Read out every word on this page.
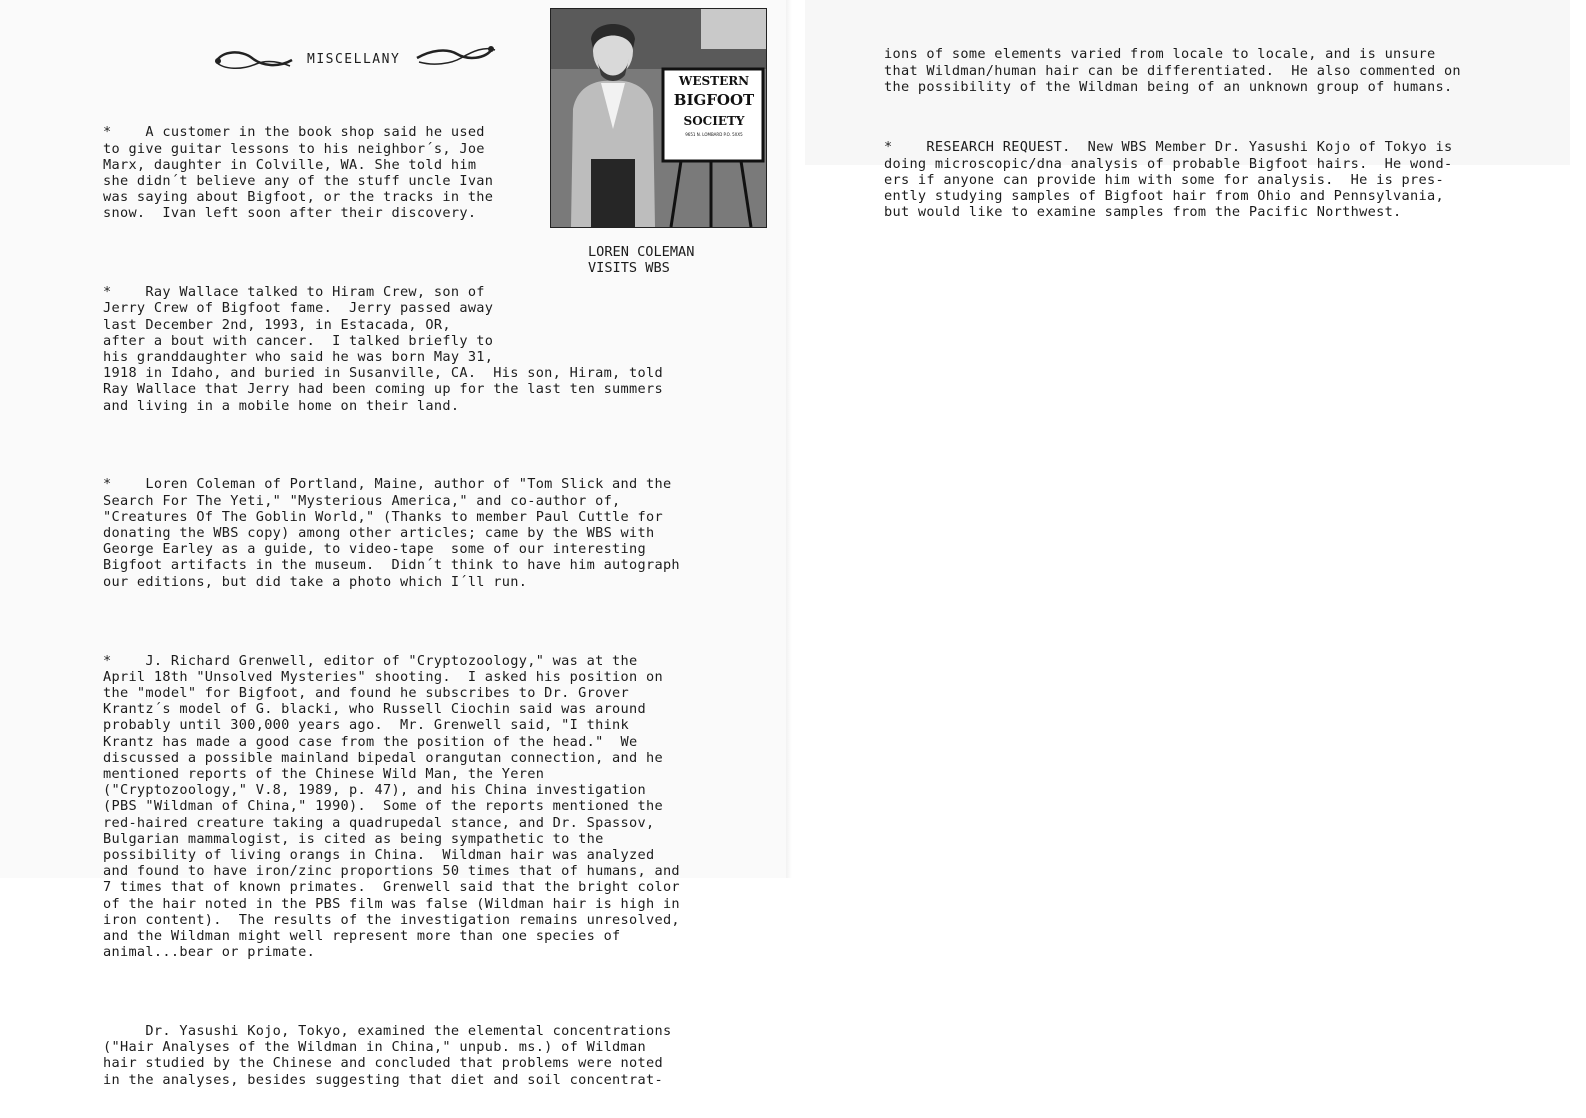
MISCELLANY
WESTERN
BIGFOOT
SOCIETY
9651 N. LOMBARD P.O. 5XX5
LOREN COLEMAN
VISITS WBS

*    A customer in the book shop said he used
to give guitar lessons to his neighbor´s, Joe
Marx, daughter in Colville, WA. She told him
she didn´t believe any of the stuff uncle Ivan
was saying about Bigfoot, or the tracks in the
snow.  Ivan left soon after their discovery.

*    Ray Wallace talked to Hiram Crew, son of
Jerry Crew of Bigfoot fame.  Jerry passed away
last December 2nd, 1993, in Estacada, OR,
after a bout with cancer.  I talked briefly to
his granddaughter who said he was born May 31,
1918 in Idaho, and buried in Susanville, CA.  His son, Hiram, told
Ray Wallace that Jerry had been coming up for the last ten summers
and living in a mobile home on their land.

*    Loren Coleman of Portland, Maine, author of "Tom Slick and the
Search For The Yeti," "Mysterious America," and co-author of,
"Creatures Of The Goblin World," (Thanks to member Paul Cuttle for
donating the WBS copy) among other articles; came by the WBS with
George Earley as a guide, to video-tape  some of our interesting
Bigfoot artifacts in the museum.  Didn´t think to have him autograph
our editions, but did take a photo which I´ll run.

*    J. Richard Grenwell, editor of "Cryptozoology," was at the
April 18th "Unsolved Mysteries" shooting.  I asked his position on
the "model" for Bigfoot, and found he subscribes to Dr. Grover
Krantz´s model of G. blacki, who Russell Ciochin said was around
probably until 300,000 years ago.  Mr. Grenwell said, "I think
Krantz has made a good case from the position of the head."  We
discussed a possible mainland bipedal orangutan connection, and he
mentioned reports of the Chinese Wild Man, the Yeren
("Cryptozoology," V.8, 1989, p. 47), and his China investigation
(PBS "Wildman of China," 1990).  Some of the reports mentioned the
red-haired creature taking a quadrupedal stance, and Dr. Spassov,
Bulgarian mammalogist, is cited as being sympathetic to the
possibility of living orangs in China.  Wildman hair was analyzed
and found to have iron/zinc proportions 50 times that of humans, and
7 times that of known primates.  Grenwell said that the bright color
of the hair noted in the PBS film was false (Wildman hair is high in
iron content).  The results of the investigation remains unresolved,
and the Wildman might well represent more than one species of
animal...bear or primate.

Dr. Yasushi Kojo, Tokyo, examined the elemental concentrations
("Hair Analyses of the Wildman in China," unpub. ms.) of Wildman
hair studied by the Chinese and concluded that problems were noted
in the analyses, besides suggesting that diet and soil concentrat-

ions of some elements varied from locale to locale, and is unsure
that Wildman/human hair can be differentiated.  He also commented on
the possibility of the Wildman being of an unknown group of humans.

*    RESEARCH REQUEST.  New WBS Member Dr. Yasushi Kojo of Tokyo is
doing microscopic/dna analysis of probable Bigfoot hairs.  He wond-
ers if anyone can provide him with some for analysis.  He is pres-
ently studying samples of Bigfoot hair from Ohio and Pennsylvania,
but would like to examine samples from the Pacific Northwest.
